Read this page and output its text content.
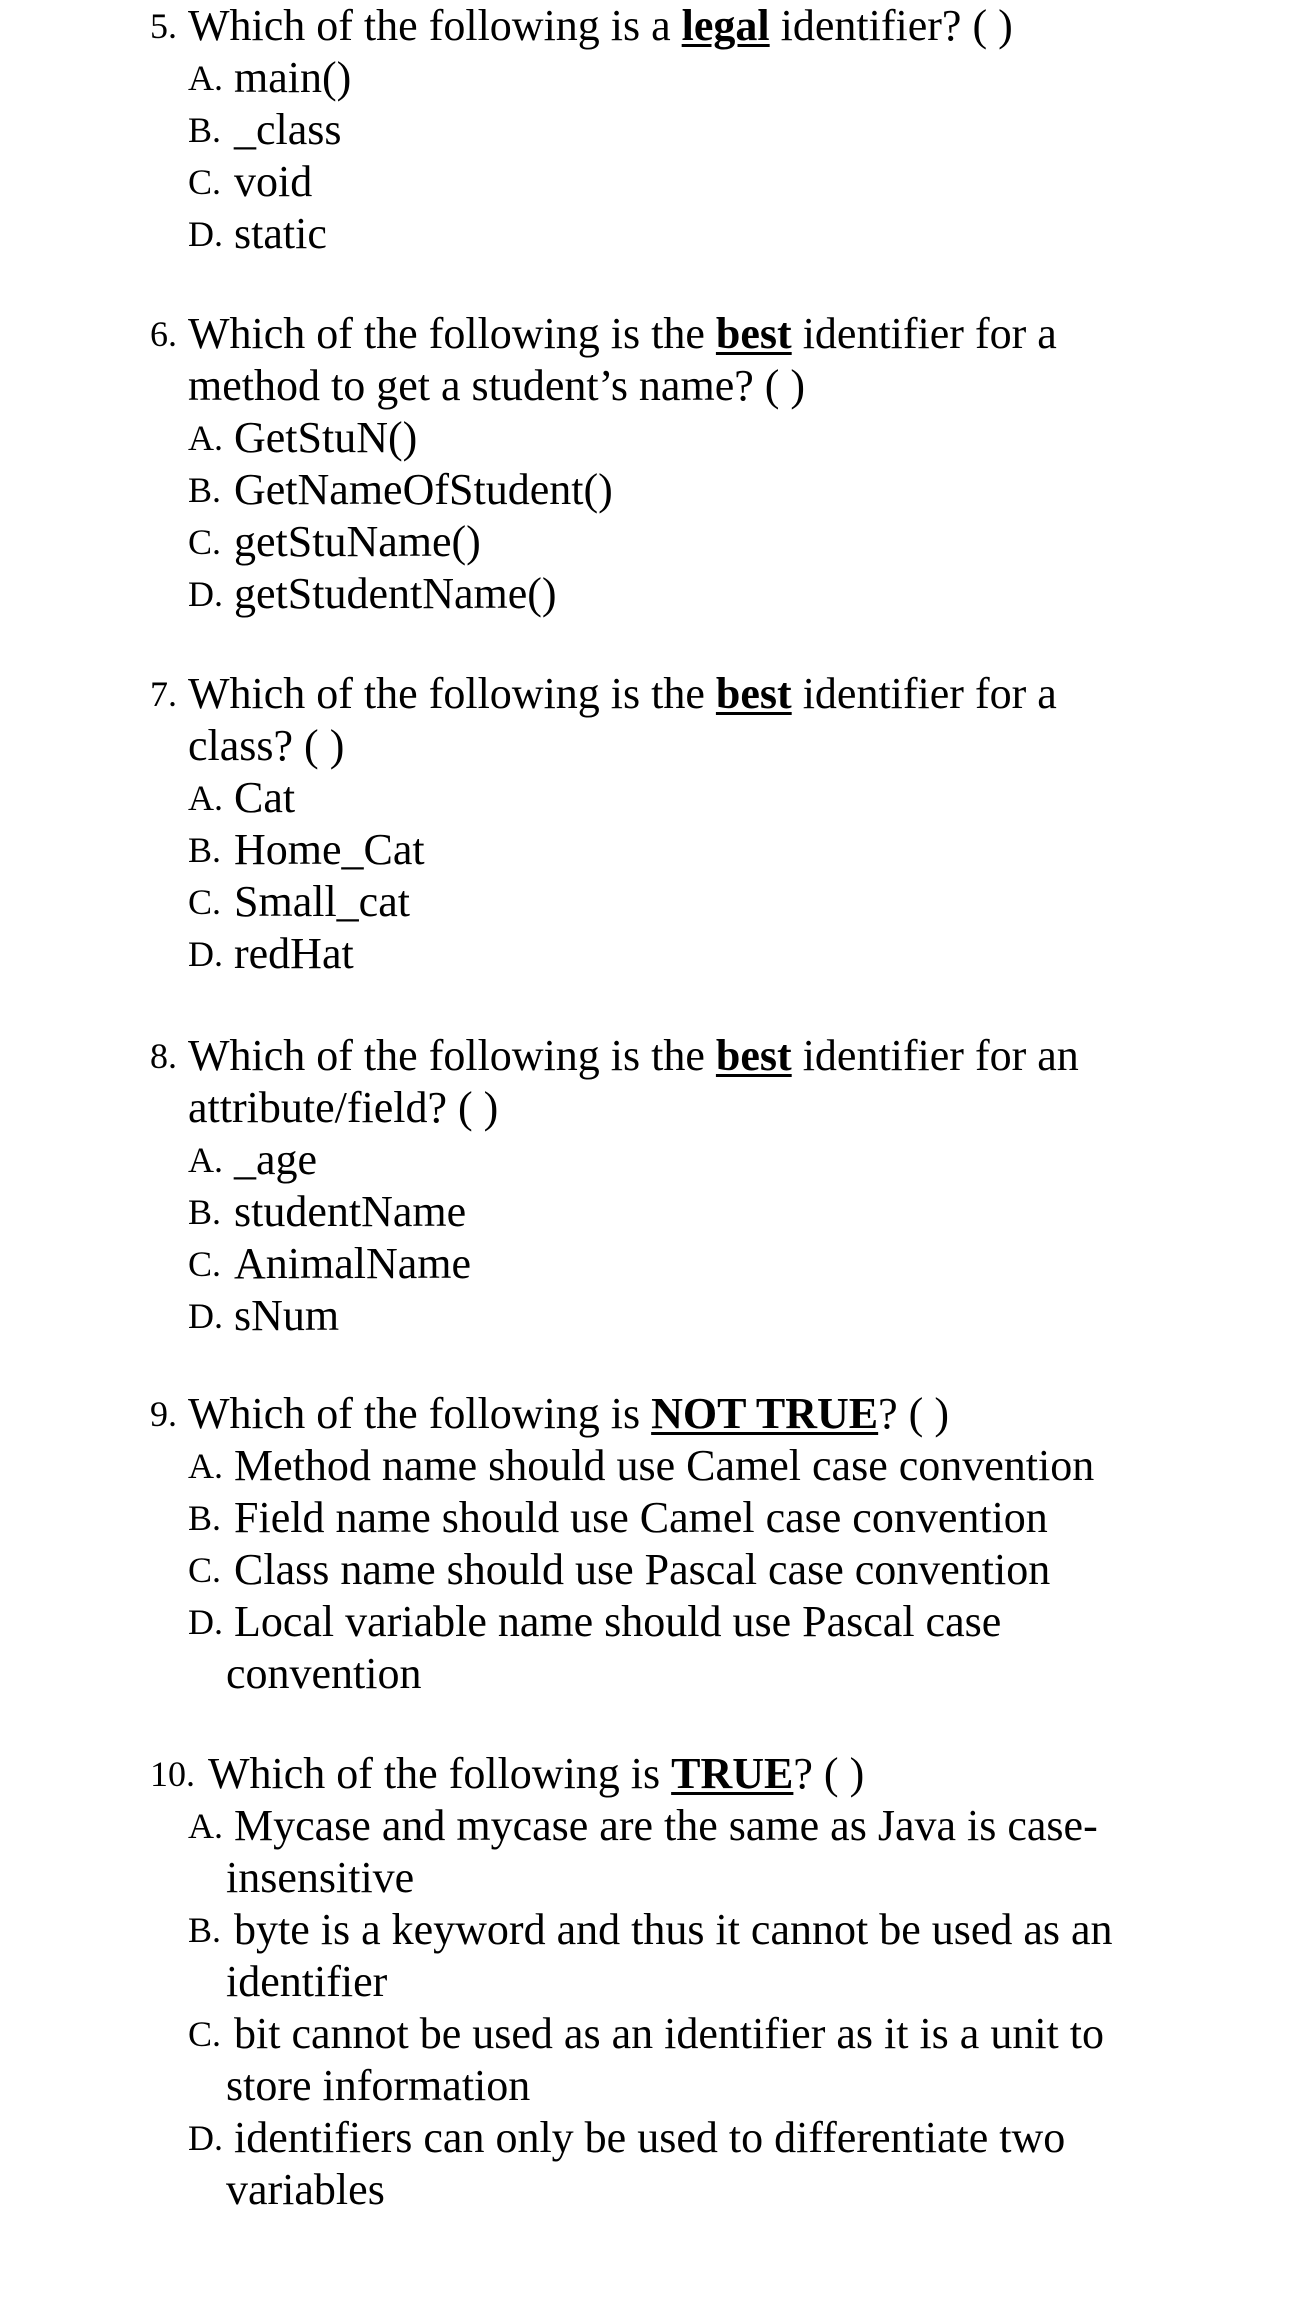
5. Which of the following is a legal identifier? ( )
A. main()
B. _class
C. void
D. static
6. Which of the following is the best identifier for a
method to get a student’s name? ( )
A. GetStuN()
B. GetNameOfStudent()
C. getStuName()
D. getStudentName()
7. Which of the following is the best identifier for a
class? ( )
A. Cat
B. Home_Cat
C. Small_cat
D. redHat
8. Which of the following is the best identifier for an
attribute/field? ( )
A. _age
B. studentName
C. AnimalName
D. sNum
9. Which of the following is NOT TRUE? ( )
A. Method name should use Camel case convention
B. Field name should use Camel case convention
C. Class name should use Pascal case convention
D. Local variable name should use Pascal case
convention
10. Which of the following is TRUE? ( )
A. Mycase and mycase are the same as Java is case-
insensitive
B. byte is a keyword and thus it cannot be used as an
identifier
C. bit cannot be used as an identifier as it is a unit to
store information
D. identifiers can only be used to differentiate two
variables
